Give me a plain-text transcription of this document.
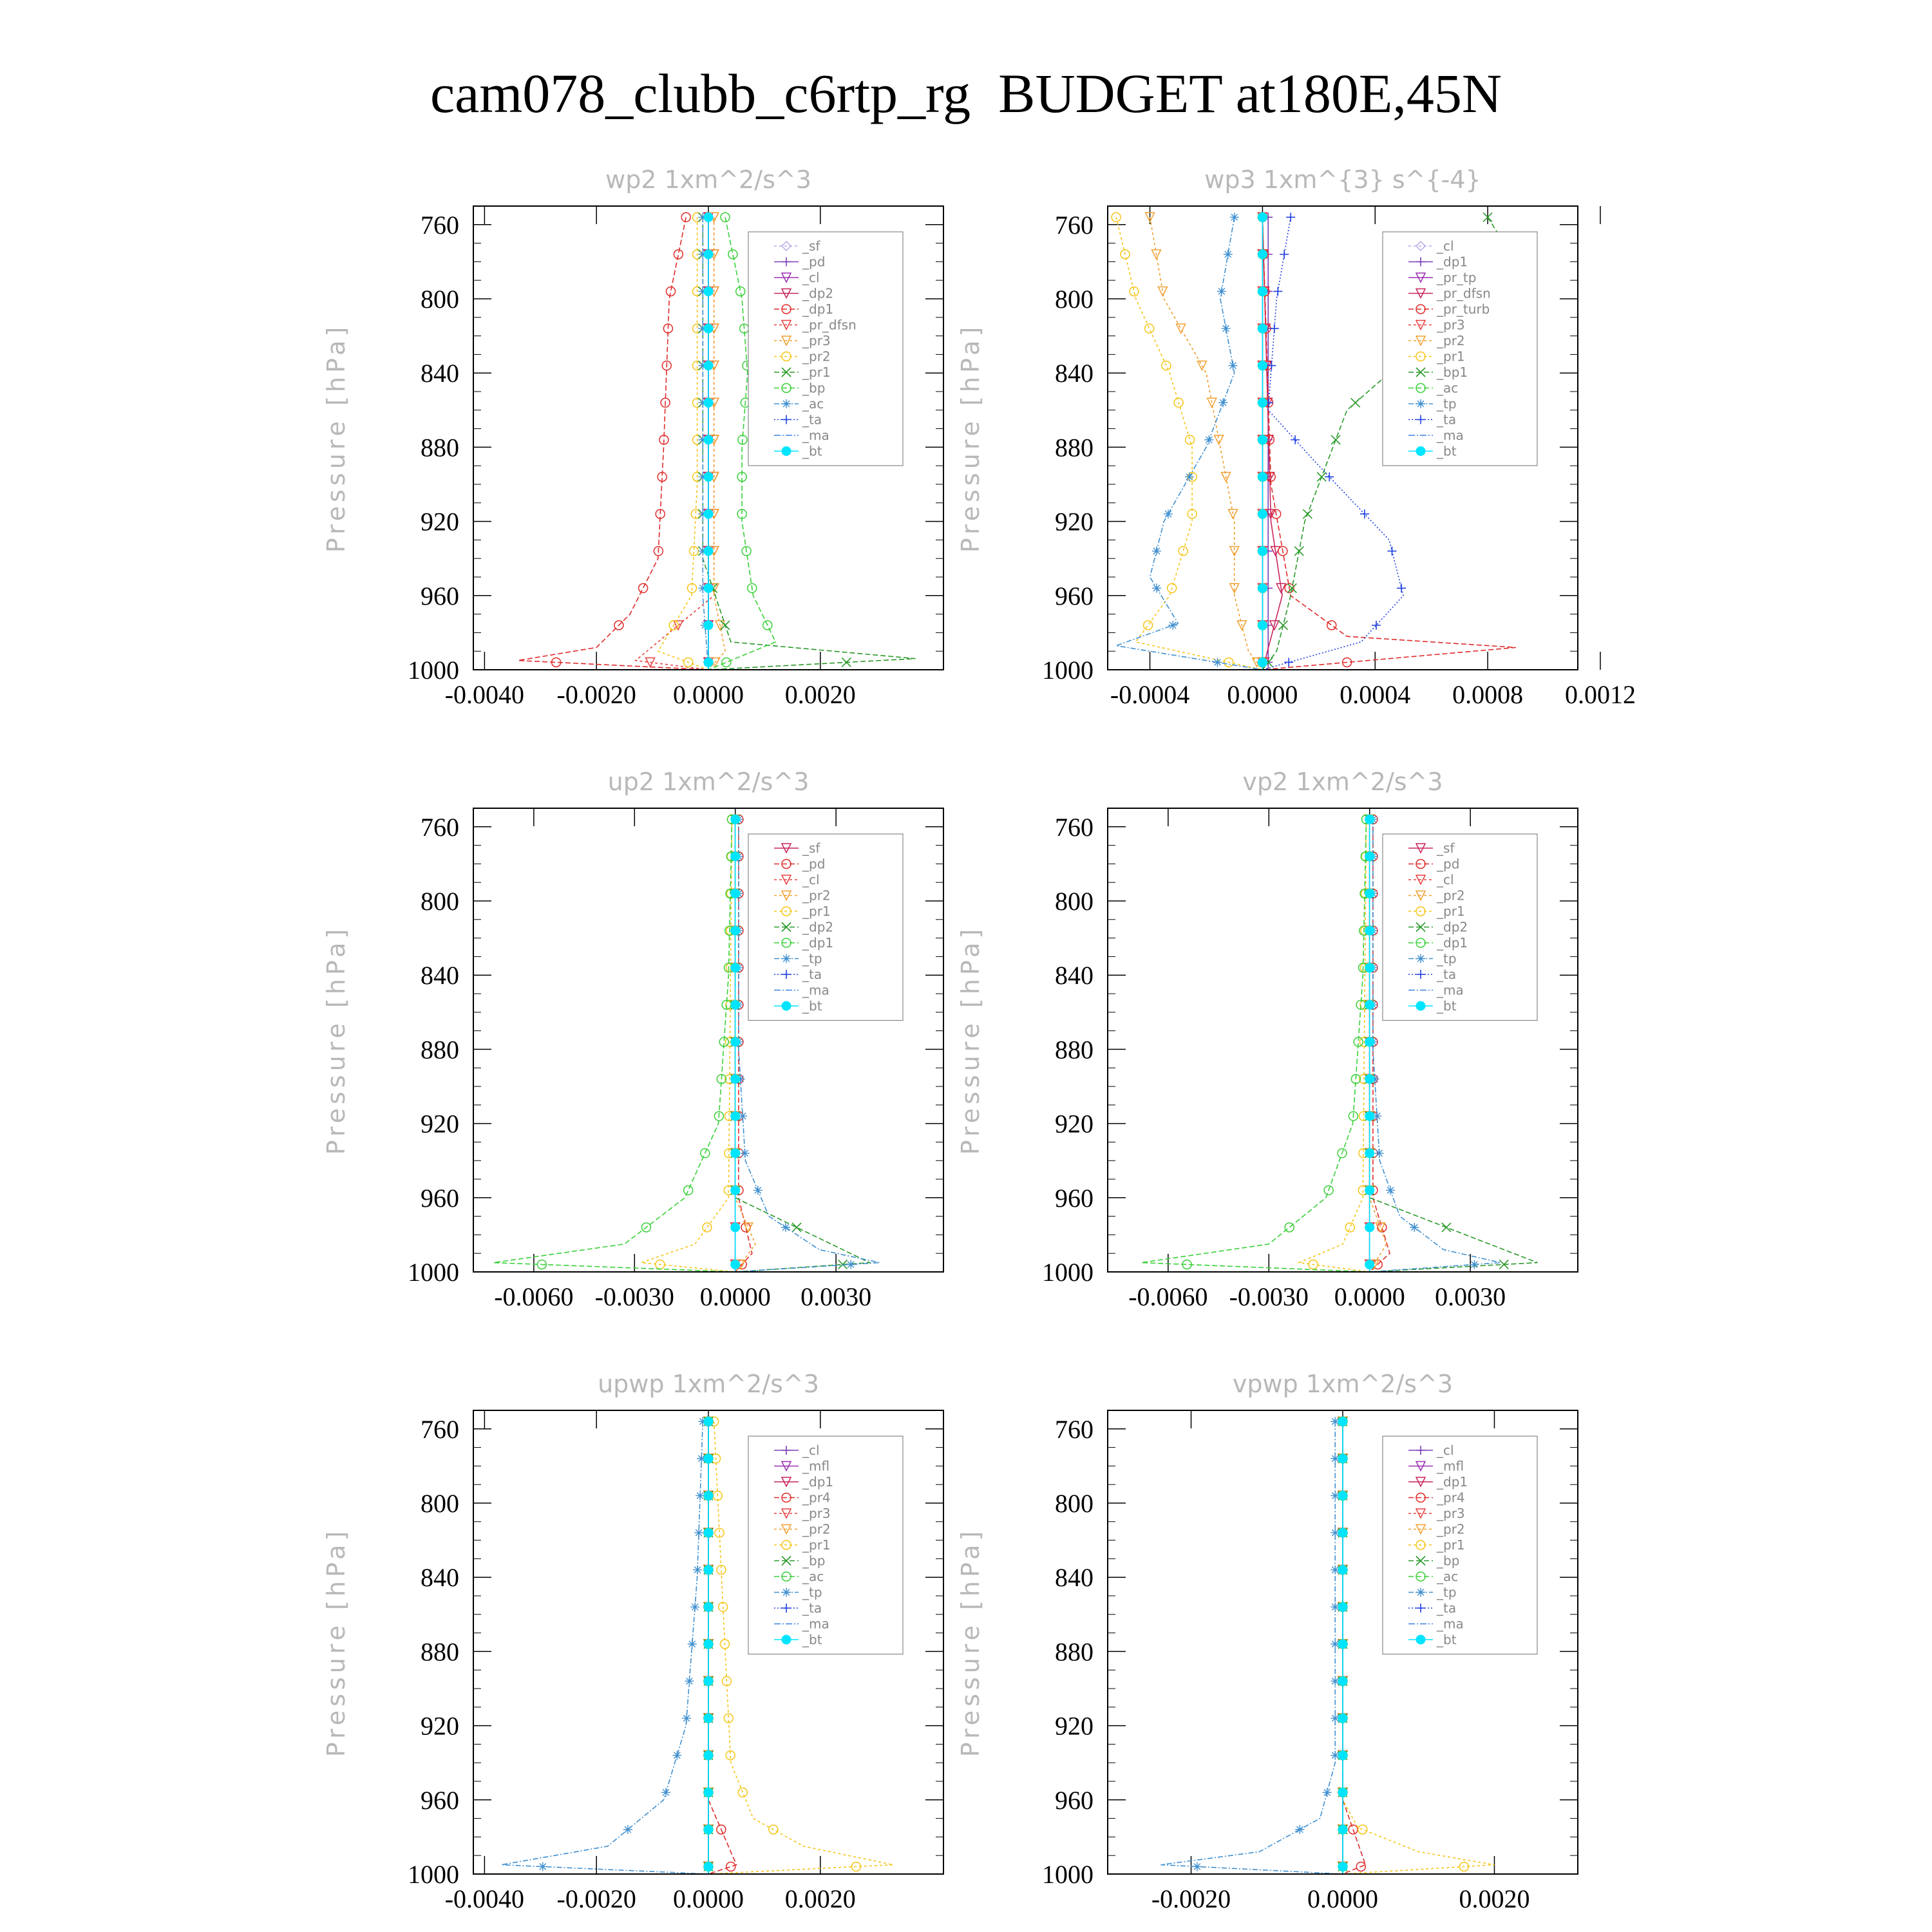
cam078_clubb_c6rtp_rg  BUDGET at180E,45N
wp2 1xm^2/s^3
Pressure [hPa]
760
800
840
880
920
960
1000
-0.0040 -0.0020 0.0000 0.0020
_sf
_pd
_cl
_dp2
_dp1
_pr_dfsn
_pr3
_pr2
_pr1
_bp
_ac
_ta
_ma
_bt
wp3 1xm^{3} s^{-4}
Pressure [hPa]
760
800
840
880
920
960
1000
-0.0004 0.0000 0.0004 0.0008 0.0012
_cl
_dp1
_pr_tp
_pr_dfsn
_pr_turb
_pr3
_pr2
_pr1
_bp1
_ac
_tp
_ta
_ma
_bt
up2 1xm^2/s^3
Pressure [hPa]
760
800
840
880
920
960
1000
-0.0060 -0.0030 0.0000 0.0030
_sf
_pd
_cl
_pr2
_pr1
_dp2
_dp1
_tp
_ta
_ma
_bt
vp2 1xm^2/s^3
Pressure [hPa]
760
800
840
880
920
960
1000
-0.0060 -0.0030 0.0000 0.0030
_sf
_pd
_cl
_pr2
_pr1
_dp2
_dp1
_tp
_ta
_ma
_bt
upwp 1xm^2/s^3
Pressure [hPa]
760
800
840
880
920
960
1000
-0.0040 -0.0020 0.0000 0.0020
_cl
_mfl
_dp1
_pr4
_pr3
_pr2
_pr1
_bp
_ac
_tp
_ta
_ma
_bt
vpwp 1xm^2/s^3
Pressure [hPa]
760
800
840
880
920
960
1000
-0.0020	0.0000	0.0020
_cl
_mfl
_dp1
_pr4
_pr3
_pr2
_pr1
_bp
_ac
_tp
_ta
_ma
_bt
